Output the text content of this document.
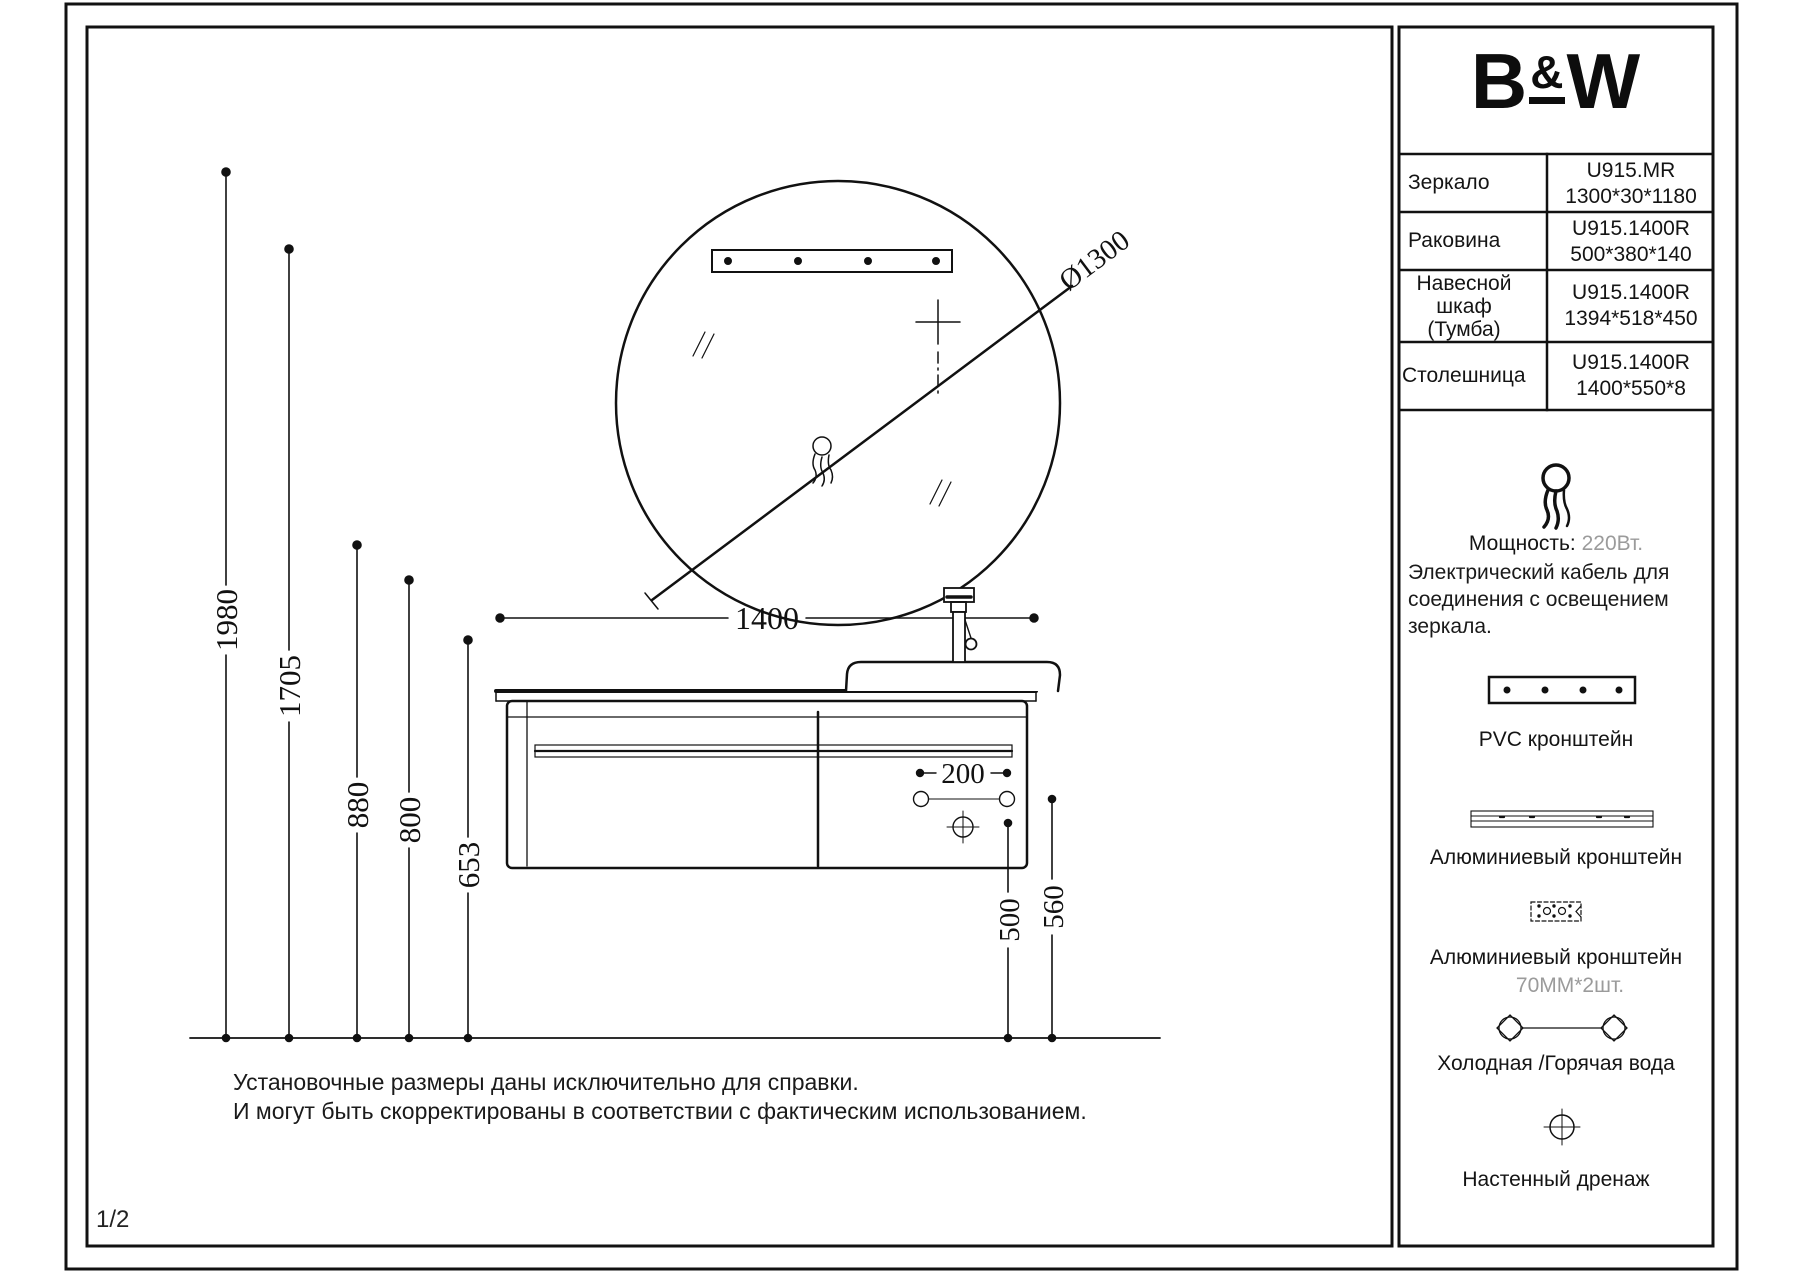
Ø1300
1400
200
1980
1705
880 800
653
500 560
B&W
Зеркало
U915.MR
1300*30*1180
Раковина
U915.1400R
500*380*140
Навесной шкаф (Тумба)
U915.1400R
1394*518*450
Столешница
U915.1400R
1400*550*8
Мощность: 220Вт.
Электрический кабель для
соединения с освещением
зеркала.
PVC кронштейн
Алюминиевый кронштейн
Алюминиевый кронштейн
70MM*2шт.
Холодная /Горячая вода
Настенный дренаж
Установочные размеры даны исключительно для справки.
И могут быть скорректированы в соответствии с фактическим использованием.
1/2
